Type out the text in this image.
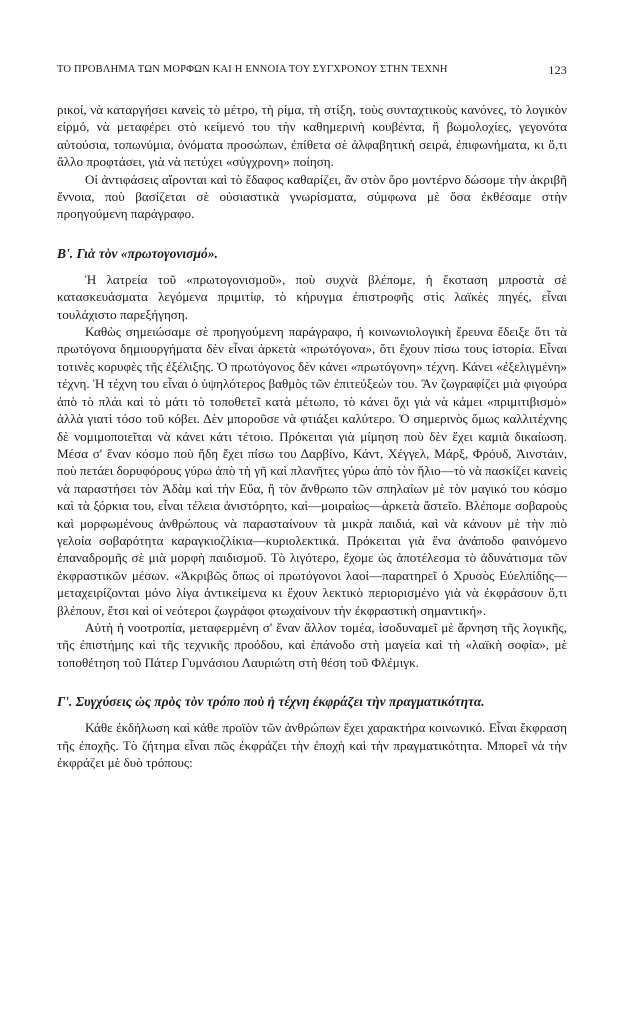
ΤΟ ΠΡΟΒΛΗΜΑ ΤΩΝ ΜΟΡΦΩΝ ΚΑΙ Η ΕΝΝΟΙΑ ΤΟΥ ΣΥΓΧΡΟΝΟΥ ΣΤΗΝ ΤΕΧΝΗ	123

ρικοί, νὰ καταργήσει κανεὶς τὸ μέτρο, τὴ ρίμα, τὴ στίξη, τοὺς συνταχτικοὺς κανόνες, τὸ λογικὸν είρμό, νὰ μεταφέρει στὸ κείμενό του τὴν καθημερινὴ κουβέντα, ἢ βωμολοχίες, γεγονότα αὐτούσια, τοπωνύμια, ὀνόματα προσώπων, ἐπίθετα σὲ ἀλφαβητικὴ σειρά, ἐπιφωνήματα, κι ὅ,τι ἄλλο προφτάσει, γιὰ νὰ πετύχει «σύγχρονη» ποίηση.

Οἱ ἀντιφάσεις αἴρονται καὶ τὸ ἔδαφος καθαρίζει, ἂν στὸν ὅρο μοντέρνο δώσομε τὴν ἀκριβῆ ἔννοια, ποὺ βασίζεται σὲ οὐσιαστικὰ γνωρίσματα, σύμφωνα μὲ ὅσα ἐκθέσαμε στὴν προηγούμενη παράγραφο.

Β'. Γιὰ τὸν «πρωτογονισμό».

Ἡ λατρεία τοῦ «πρωτογονισμοῦ», ποὺ συχνὰ βλέπομε, ἡ ἔκσταση μπροστὰ σὲ κατασκευάσματα λεγόμενα πριμιτίφ, τὸ κήρυγμα ἐπιστροφῆς στὶς λαϊκὲς πηγές, εἶναι τουλάχιστο παρεξήγηση.

Καθὼς σημειώσαμε σὲ προηγούμενη παράγραφο, ἡ κοινωνιολογικὴ ἔρευνα ἔδειξε ὅτι τὰ πρωτόγονα δημιουργήματα δὲν εἶναι ἀρκετὰ «πρωτόγονα», ὅτι ἔχουν πίσω τους ἱστορία. Εἶναι τοτινὲς κορυφὲς τῆς ἐξέλιξης. Ὁ πρωτόγονος δὲν κάνει «πρωτόγονη» τέχνη. Κάνει «ἐξελιγμένη» τέχνη. Ἡ τέχνη του εἶναι ὁ ὑψηλότερος βαθμὸς τῶν ἐπιτεύξεών του. Ἂν ζωγραφίζει μιὰ φιγούρα ἀπὸ τὸ πλάι καὶ τὸ μάτι τὸ τοποθετεῖ κατὰ μέτωπο, τὸ κάνει ὄχι γιὰ νὰ κάμει «πριμιτιβισμὸ» ἀλλὰ γιατὶ τόσο τοῦ κόβει. Δὲν μποροῦσε νὰ φτιάξει καλύτερο. Ὁ σημερινὸς ὅμως καλλιτέχνης δὲ νομιμοποιεῖται νὰ κάνει κάτι τέτοιο. Πρόκειται γιὰ μίμηση ποὺ δὲν ἔχει καμιὰ δικαίωση. Μέσα σ' ἕναν κόσμο ποὺ ἤδη ἔχει πίσω του Δαρβίνο, Κάντ, Χέγγελ, Μάρξ, Φρόυδ, Ἀινστάιν, ποὺ πετάει δορυφόρους γύρω ἀπὸ τὴ γῆ καὶ πλανῆτες γύρω ἀπὸ τὸν ἥλιο—τὸ νὰ πασκίζει κανεὶς νὰ παραστήσει τὸν Ἀδὰμ καὶ τὴν Εὔα, ἢ τὸν ἄνθρωπο τῶν σπηλαίων μὲ τὸν μαγικό του κόσμο καὶ τὰ ξόρκια του, εἶναι τέλεια ἀνιστόρητο, καὶ—μοιραίως—ἀρκετὰ ἄστεῖο. Βλέπομε σοβαροὺς καὶ μορφωμένους ἀνθρώπους νὰ παρασταίνουν τὰ μικρὰ παιδιά, καὶ νὰ κάνουν μὲ τὴν πιὸ γελοία σοβαρότητα καραγκιοζλίκια—κυριολεκτικά. Πρόκειται γιὰ ἕνα ἀνάποδο φαινόμενο ἐπαναδρομῆς σὲ μιὰ μορφὴ παιδισμοῦ. Τὸ λιγότερο, ἔχομε ὡς ἀποτέλεσμα τὸ ἀδυνάτισμα τῶν ἐκφραστικῶν μέσων. «Ἀκριβῶς ὅπως οἱ πρωτόγονοι λαοί—παρατηρεῖ ὁ Χρυσὸς Εὐελπίδης—μεταχειρίζονται μόνο λίγα ἀντικείμενα κι ἔχουν λεκτικὸ περιορισμένο γιὰ νὰ ἐκφράσουν ὅ,τι βλέπουν, ἔτσι καὶ οἱ νεότεροι ζωγράφοι φτωχαίνουν τὴν ἐκφραστικὴ σημαντική».

Αὐτὴ ἡ νοοτροπία, μεταφερμένη σ' ἕναν ἄλλον τομέα, ἰσοδυναμεῖ μὲ ἄρνηση τῆς λογικῆς, τῆς ἐπιστήμης καὶ τῆς τεχνικῆς προόδου, καὶ ἐπάνοδο στὴ μαγεία καὶ τὴ «λαϊκὴ σοφία», μὲ τοποθέτηση τοῦ Πάτερ Γυμνάσιου Λαυριώτη στὴ θέση τοῦ Φλέμιγκ.

Γ'. Συγχύσεις ὡς πρὸς τὸν τρόπο ποὺ ἡ τέχνη ἐκφράζει τὴν πραγματικότητα.

Κάθε ἐκδήλωση καὶ κάθε προϊὸν τῶν ἀνθρώπων ἔχει χαρακτήρα κοινωνικό. Εἶναι ἔκφραση τῆς ἐποχῆς. Τὸ ζήτημα εἶναι πῶς ἐκφράζει τὴν ἐποχὴ καὶ τὴν πραγματικότητα. Μπορεῖ νὰ τὴν ἐκφράζει μὲ δυὸ τρόπους:
